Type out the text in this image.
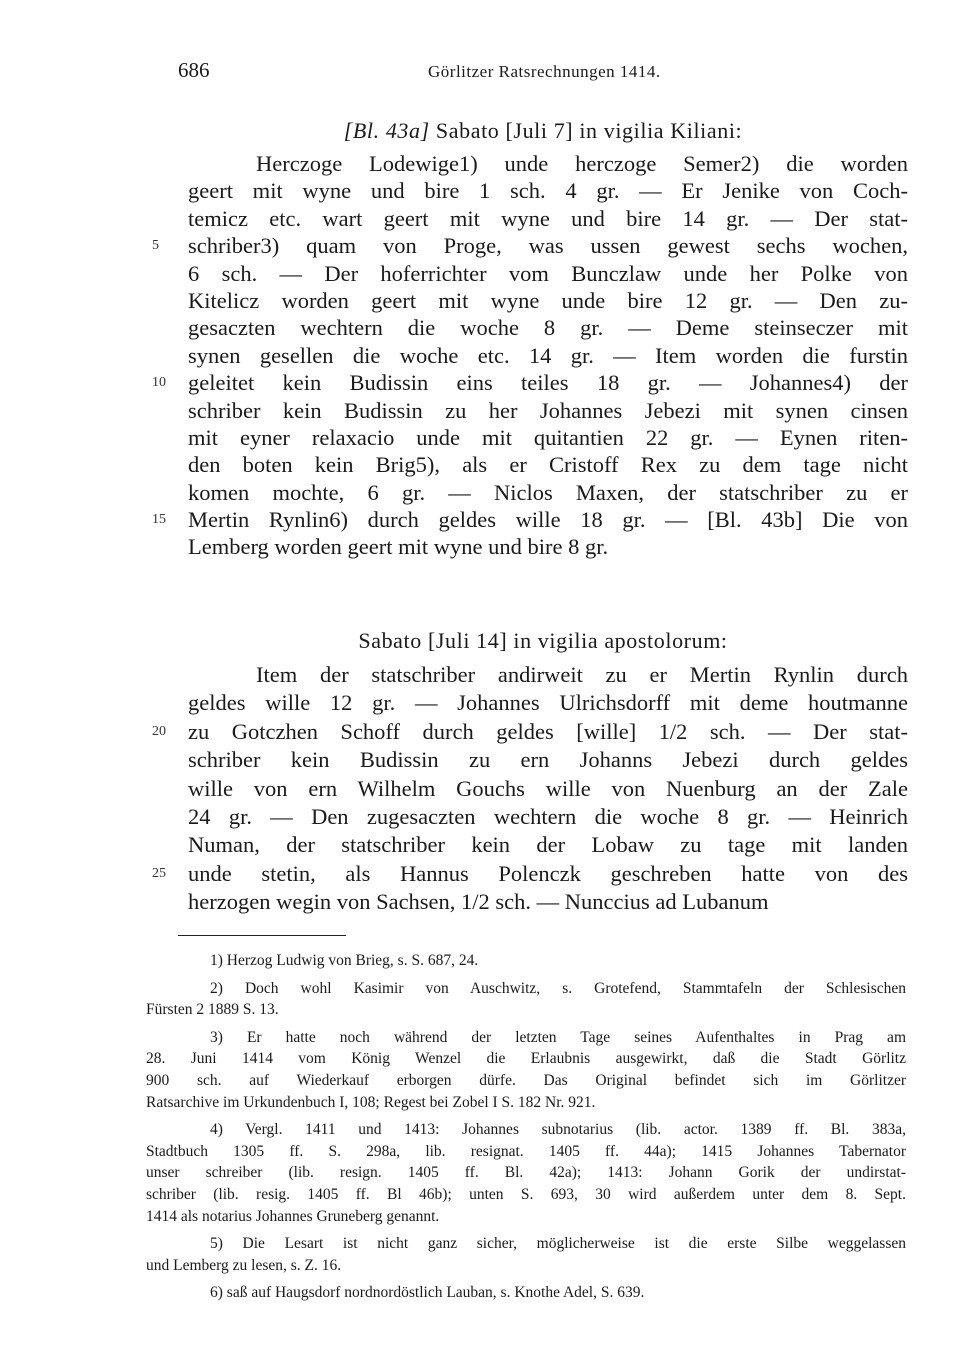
686	Görlitzer Ratsrechnungen 1414.
[Bl. 43a] Sabato [Juli 7] in vigilia Kiliani:
Herczoge Lodewige1) unde herczoge Semer2) die worden
geert mit wyne und bire 1 sch. 4 gr. — Er Jenike von Coch-
temicz etc. wart geert mit wyne und bire 14 gr. — Der stat-
schriber3) quam von Proge, was ussen gewest sechs wochen,
5
6 sch. — Der hoferrichter vom Bunczlaw unde her Polke von
Kitelicz worden geert mit wyne unde bire 12 gr. — Den zu-
gesaczten wechtern die woche 8 gr. — Deme steinseczer mit
synen gesellen die woche etc. 14 gr. — Item worden die furstin
geleitet kein Budissin eins teiles 18 gr. — Johannes4) der
10
schriber kein Budissin zu her Johannes Jebezi mit synen cinsen
mit eyner relaxacio unde mit quitantien 22 gr. — Eynen riten-
den boten kein Brig5), als er Cristoff Rex zu dem tage nicht
komen mochte, 6 gr. — Niclos Maxen, der statschriber zu er
Mertin Rynlin6) durch geldes wille 18 gr. — [Bl. 43b] Die von
15
Lemberg worden geert mit wyne und bire 8 gr.
Sabato [Juli 14] in vigilia apostolorum:
Item der statschriber andirweit zu er Mertin Rynlin durch
geldes wille 12 gr. — Johannes Ulrichsdorff mit deme houtmanne
zu Gotczhen Schoff durch geldes [wille] 1/2 sch. — Der stat-
20
schriber kein Budissin zu ern Johanns Jebezi durch geldes
wille von ern Wilhelm Gouchs wille von Nuenburg an der Zale
24 gr. — Den zugesaczten wechtern die woche 8 gr. — Heinrich
Numan, der statschriber kein der Lobaw zu tage mit landen
unde stetin, als Hannus Polenczk geschreben hatte von des
25
herzogen wegin von Sachsen, 1/2 sch. — Nunccius ad Lubanum
1) Herzog Ludwig von Brieg, s. S. 687, 24.
2) Doch wohl Kasimir von Auschwitz, s. Grotefend, Stammtafeln der Schlesischen
Fürsten 2 1889 S. 13.
3) Er hatte noch während der letzten Tage seines Aufenthaltes in Prag am
28. Juni 1414 vom König Wenzel die Erlaubnis ausgewirkt, daß die Stadt Görlitz
900 sch. auf Wiederkauf erborgen dürfe. Das Original befindet sich im Görlitzer
Ratsarchive im Urkundenbuch I, 108; Regest bei Zobel I S. 182 Nr. 921.
4) Vergl. 1411 und 1413: Johannes subnotarius (lib. actor. 1389 ff. Bl. 383a,
Stadtbuch 1305 ff. S. 298a, lib. resignat. 1405 ff. 44a); 1415 Johannes Tabernator
unser schreiber (lib. resign. 1405 ff. Bl. 42a); 1413: Johann Gorik der undirstat-
schriber (lib. resig. 1405 ff. Bl 46b); unten S. 693, 30 wird außerdem unter dem 8. Sept.
1414 als notarius Johannes Gruneberg genannt.
5) Die Lesart ist nicht ganz sicher, möglicherweise ist die erste Silbe weggelassen
und Lemberg zu lesen, s. Z. 16.
6) saß auf Haugsdorf nordnordöstlich Lauban, s. Knothe Adel, S. 639.
